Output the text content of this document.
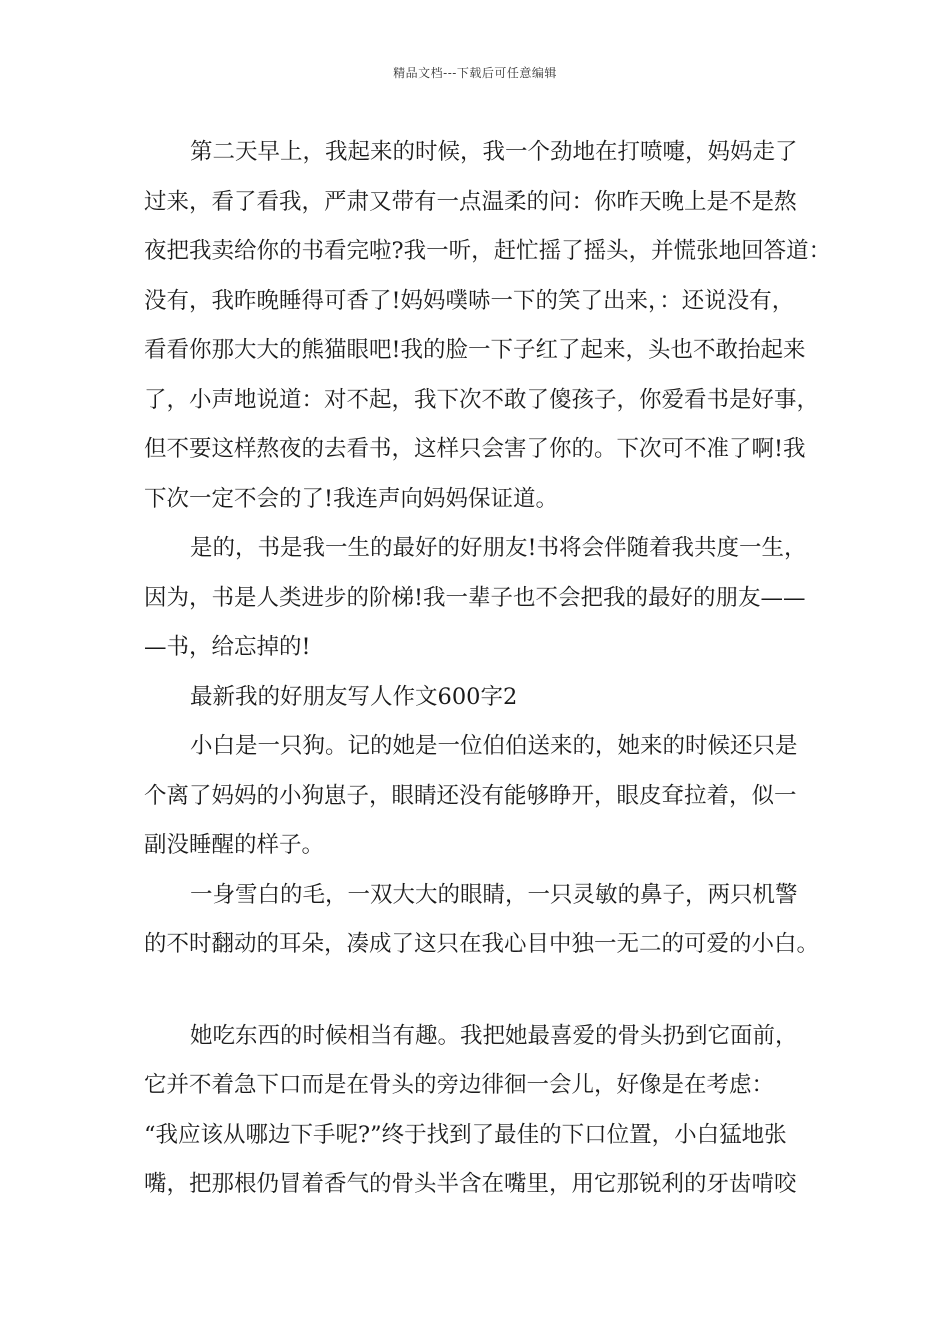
精品文档---下载后可任意编辑
第二天早上，我起来的时候，我一个劲地在打喷嚏，妈妈走了
过来，看了看我，严肃又带有一点温柔的问：你昨天晚上是不是熬
夜把我卖给你的书看完啦?我一听，赶忙摇了摇头，并慌张地回答道：
没有，我昨晚睡得可香了!妈妈噗哧一下的笑了出来，：还说没有，
看看你那大大的熊猫眼吧!我的脸一下子红了起来，头也不敢抬起来
了，小声地说道：对不起，我下次不敢了傻孩子，你爱看书是好事，
但不要这样熬夜的去看书，这样只会害了你的。下次可不准了啊!我
下次一定不会的了!我连声向妈妈保证道。
是的，书是我一生的最好的好朋友!书将会伴随着我共度一生，
因为，书是人类进步的阶梯!我一辈子也不会把我的最好的朋友——
—书，给忘掉的!
最新我的好朋友写人作文600字2
小白是一只狗。记的她是一位伯伯送来的，她来的时候还只是
个离了妈妈的小狗崽子，眼睛还没有能够睁开，眼皮耷拉着，似一
副没睡醒的样子。
一身雪白的毛，一双大大的眼睛，一只灵敏的鼻子，两只机警
的不时翻动的耳朵，凑成了这只在我心目中独一无二的可爱的小白。
她吃东西的时候相当有趣。我把她最喜爱的骨头扔到它面前，
它并不着急下口而是在骨头的旁边徘徊一会儿，好像是在考虑：
“我应该从哪边下手呢?”终于找到了最佳的下口位置，小白猛地张
嘴，把那根仍冒着香气的骨头半含在嘴里，用它那锐利的牙齿啃咬
